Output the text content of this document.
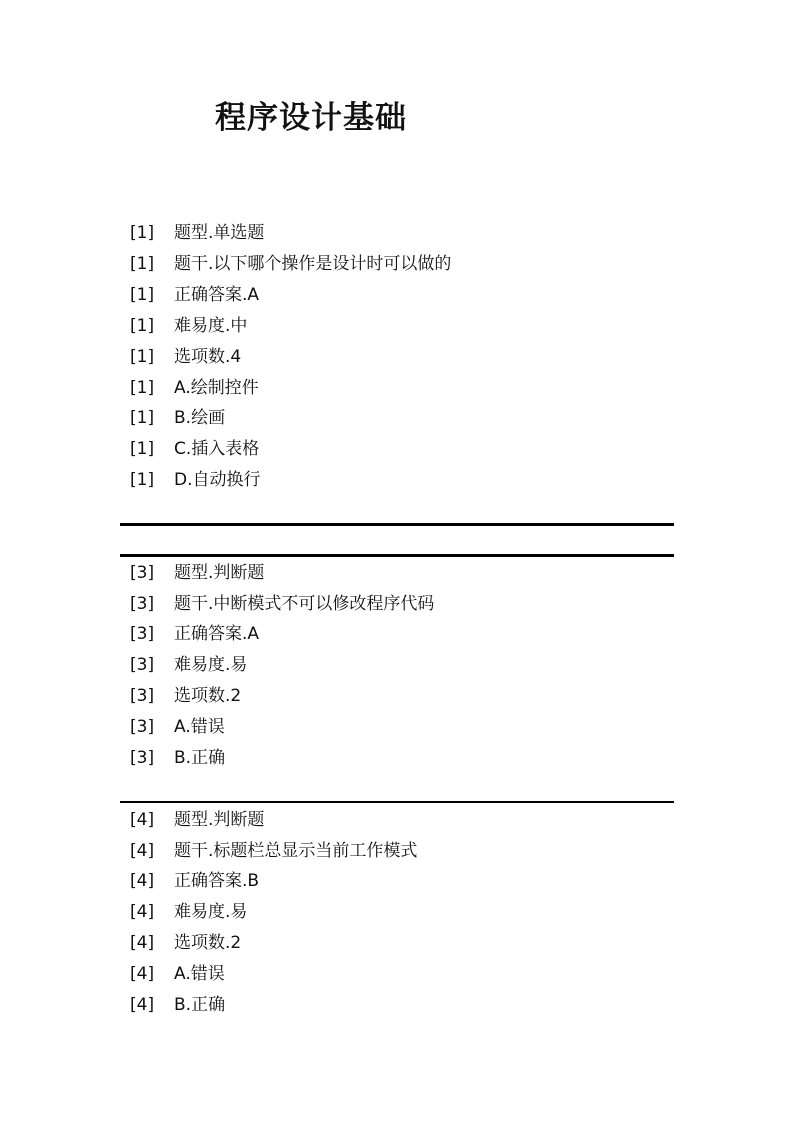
程序设计基础
[1] 题型.单选题
[1] 题干.以下哪个操作是设计时可以做的
[1] 正确答案.A
[1] 难易度.中
[1] 选项数.4
[1] A.绘制控件
[1] B.绘画
[1] C.插入表格
[1] D.自动换行
[3] 题型.判断题
[3] 题干.中断模式不可以修改程序代码
[3] 正确答案.A
[3] 难易度.易
[3] 选项数.2
[3] A.错误
[3] B.正确
[4] 题型.判断题
[4] 题干.标题栏总显示当前工作模式
[4] 正确答案.B
[4] 难易度.易
[4] 选项数.2
[4] A.错误
[4] B.正确
